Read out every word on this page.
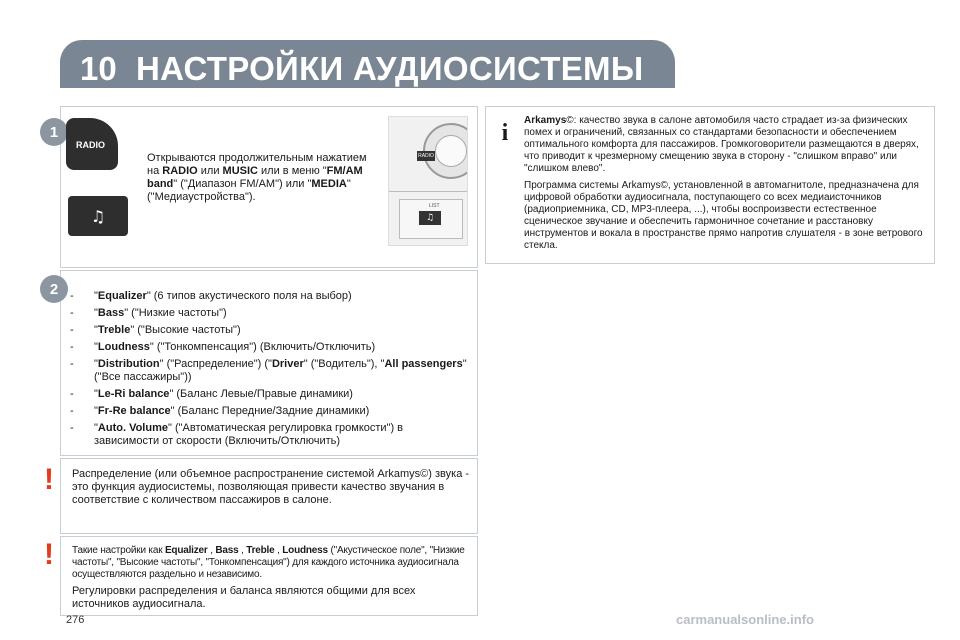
10 НАСТРОЙКИ АУДИОСИСТЕМЫ
1
RADIO
♫
Открываются продолжительным нажатием на RADIO или MUSIC или в меню "FM/AM band" ("Диапазон FM/AM") или "MEDIA" ("Медиаустройства").
RADIO
LIST
♫
2	- "Equalizer" (6 типов акустического поля на выбор)
- "Bass" ("Низкие частоты")
- "Treble" ("Высокие частоты")
- "Loudness" ("Тонкомпенсация") (Включить/Отключить)
- "Distribution" ("Распределение") ("Driver" ("Водитель"), "All passengers" ("Все пассажиры"))
- "Le-Ri balance" (Баланс Левые/Правые динамики)
- "Fr-Re balance" (Баланс Передние/Задние динамики)
- "Auto. Volume" ("Автоматическая регулировка громкости") в зависимости от скорости (Включить/Отключить)
! Распределение (или объемное распространение системой Arkamys©) звука - это функция аудиосистемы, позволяющая привести качество звучания в соответствие с количеством пассажиров в салоне.
! Такие настройки как Equalizer , Bass , Treble , Loudness ("Акустическое поле", "Низкие частоты", "Высокие частоты", "Тонкомпенсация") для каждого источника аудиосигнала осуществляются раздельно и независимо.
Регулировки распределения и баланса являются общими для всех источников аудиосигнала.
i Arkamys©: качество звука в салоне автомобиля часто страдает из-за физических помех и ограничений, связанных со стандартами безопасности и обеспечением оптимального комфорта для пассажиров. Громкоговорители размещаются в дверях, что приводит к чрезмерному смещению звука в сторону - "слишком вправо" или "слишком влево".

Программа системы Arkamys©, установленной в автомагнитоле, предназначена для цифровой обработки аудиосигнала, поступающего со всех медиаисточников (радиоприемника, CD, MP3-плеера, ...), чтобы воспроизвести естественное сценическое звучание и обеспечить гармоничное сочетание и расстановку инструментов и вокала в пространстве прямо напротив слушателя - в зоне ветрового стекла.

276	carmanualsonline.info
